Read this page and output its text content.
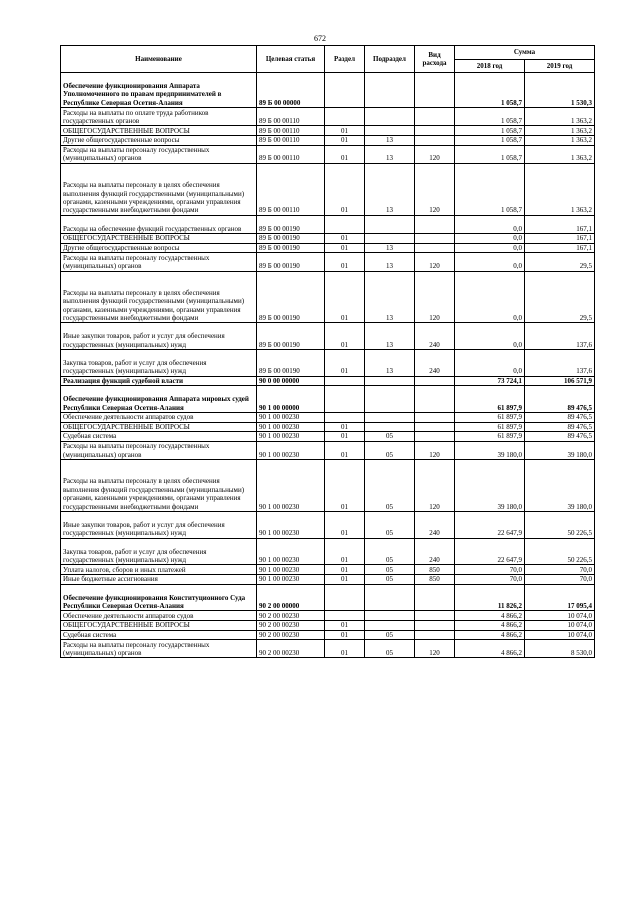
672
Наименование	Целевая статья	Раздел	Подраздел	Вид расхода	Сумма	
					2018 год	2019 год
Обеспечение функционирования Аппарата Уполномоченного по правам предпринимателей в Республике Северная Осетия-Алания	89 Б 00 00000				1 058,7	1 530,3
Расходы на выплаты по оплате труда работников государственных органов	89 Б 00 00110				1 058,7	1 363,2
ОБЩЕГОСУДАРСТВЕННЫЕ ВОПРОСЫ	89 Б 00 00110	01			1 058,7	1 363,2
Другие общегосударственные вопросы	89 Б 00 00110	01	13		1 058,7	1 363,2
Расходы на выплаты персоналу государственных (муниципальных) органов	89 Б 00 00110	01	13	120	1 058,7	1 363,2
Расходы на выплаты персоналу в целях обеспечения выполнения функций государственными (муниципальными) органами, казенными учреждениями, органами управления государственными внебюджетными фондами	89 Б 00 00110	01	13	120	1 058,7	1 363,2
Расходы на обеспечение функций государственных органов	89 Б 00 00190				0,0	167,1
ОБЩЕГОСУДАРСТВЕННЫЕ ВОПРОСЫ	89 Б 00 00190	01			0,0	167,1
Другие общегосударственные вопросы	89 Б 00 00190	01	13		0,0	167,1
Расходы на выплаты персоналу государственных (муниципальных) органов	89 Б 00 00190	01	13	120	0,0	29,5
Расходы на выплаты персоналу в целях обеспечения выполнения функций государственными (муниципальными) органами, казенными учреждениями, органами управления государственными внебюджетными фондами	89 Б 00 00190	01	13	120	0,0	29,5
Иные закупки товаров, работ и услуг для обеспечения государственных (муниципальных) нужд	89 Б 00 00190	01	13	240	0,0	137,6
Закупка товаров, работ и услуг для обеспечения государственных (муниципальных) нужд	89 Б 00 00190	01	13	240	0,0	137,6
Реализация функций судебной власти	90 0 00 00000				73 724,1	106 571,9
Обеспечение функционирования Аппарата мировых судей Республики Северная Осетия-Алания	90 1 00 00000				61 897,9	89 476,5
Обеспечение деятельности аппаратов судов	90 1 00 00230				61 897,9	89 476,5
ОБЩЕГОСУДАРСТВЕННЫЕ ВОПРОСЫ	90 1 00 00230	01			61 897,9	89 476,5
Судебная система	90 1 00 00230	01	05		61 897,9	89 476,5
Расходы на выплаты персоналу государственных (муниципальных) органов	90 1 00 00230	01	05	120	39 180,0	39 180,0
Расходы на выплаты персоналу в целях обеспечения выполнения функций государственными (муниципальными) органами, казенными учреждениями, органами управления государственными внебюджетными фондами	90 1 00 00230	01	05	120	39 180,0	39 180,0
Иные закупки товаров, работ и услуг для обеспечения государственных (муниципальных) нужд	90 1 00 00230	01	05	240	22 647,9	50 226,5
Закупка товаров, работ и услуг для обеспечения государственных (муниципальных) нужд	90 1 00 00230	01	05	240	22 647,9	50 226,5
Уплата налогов, сборов и иных платежей	90 1 00 00230	01	05	850	70,0	70,0
Иные бюджетные ассигнования	90 1 00 00230	01	05	850	70,0	70,0
Обеспечение функционирования Конституционного Суда Республики Северная Осетия-Алания	90 2 00 00000				11 826,2	17 095,4
Обеспечение деятельности аппаратов судов	90 2 00 00230				4 866,2	10 074,0
ОБЩЕГОСУДАРСТВЕННЫЕ ВОПРОСЫ	90 2 00 00230	01			4 866,2	10 074,0
Судебная система	90 2 00 00230	01	05		4 866,2	10 074,0
Расходы на выплаты персоналу государственных (муниципальных) органов	90 2 00 00230	01	05	120	4 866,2	8 530,0
